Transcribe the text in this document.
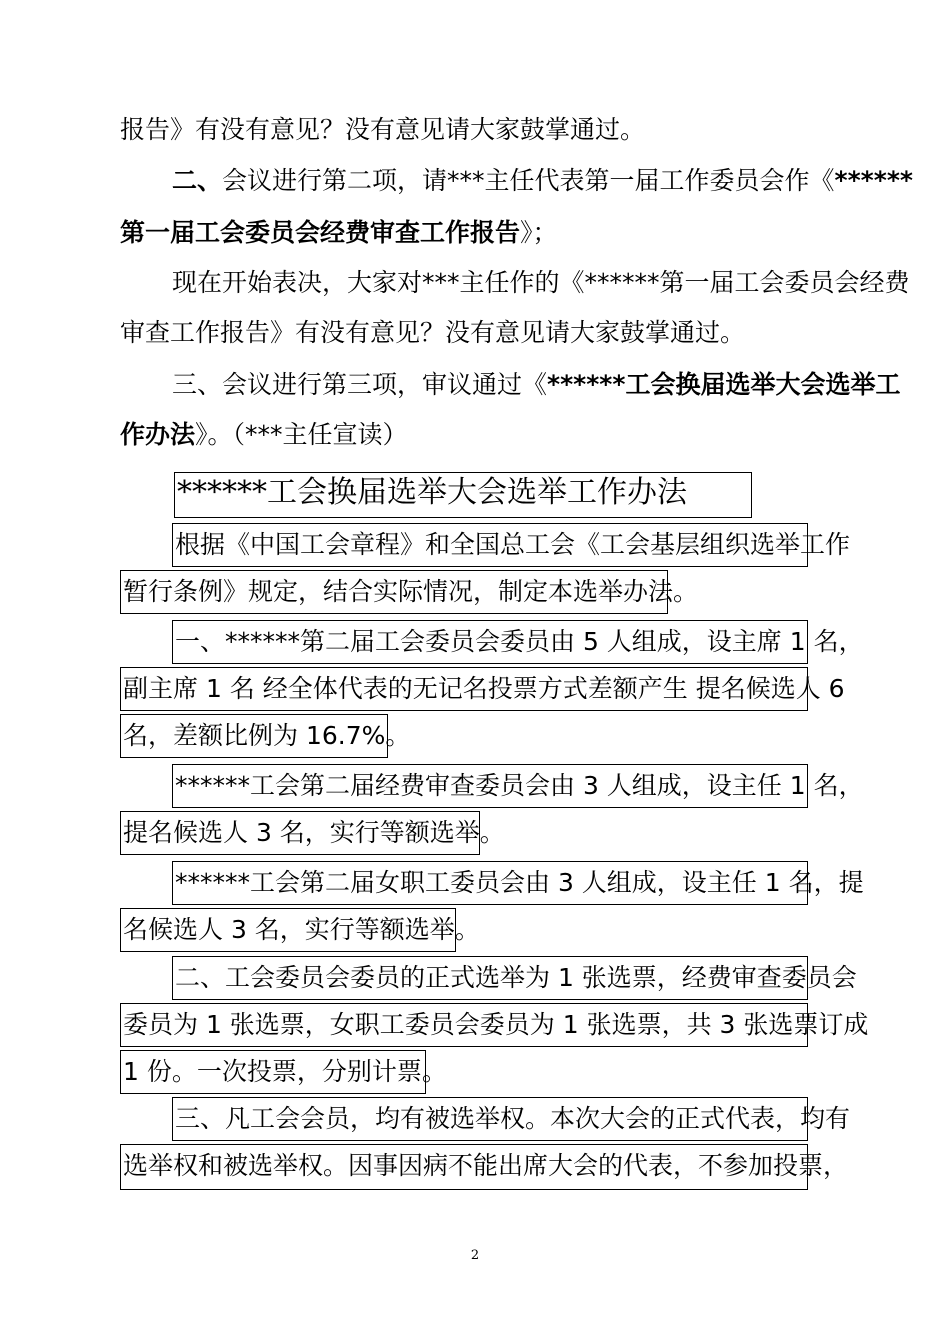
报告》有没有意见？没有意见请大家鼓掌通过。
二、会议进行第二项，请***主任代表第一届工作委员会作《******
第一届工会委员会经费审查工作报告》；
现在开始表决，大家对***主任作的《******第一届工会委员会经费
审查工作报告》有没有意见？没有意见请大家鼓掌通过。
三、会议进行第三项，审议通过《******工会换届选举大会选举工
作办法》。（***主任宣读）
******工会换届选举大会选举工作办法
根据《中国工会章程》和全国总工会《工会基层组织选举工作
暂行条例》规定，结合实际情况，制定本选举办法。
一、******第二届工会委员会委员由 5 人组成，设主席 1 名，
副主席 1 名 经全体代表的无记名投票方式差额产生 提名候选人 6
名，差额比例为 16.7%。
******工会第二届经费审查委员会由 3 人组成，设主任 1 名，
提名候选人 3 名，实行等额选举。
******工会第二届女职工委员会由 3 人组成，设主任 1 名，提
名候选人 3 名，实行等额选举。
二、工会委员会委员的正式选举为 1 张选票，经费审查委员会
委员为 1 张选票，女职工委员会委员为 1 张选票，共 3 张选票订成
1 份。一次投票，分别计票。
三、凡工会会员，均有被选举权。本次大会的正式代表，均有
选举权和被选举权。因事因病不能出席大会的代表，不参加投票，
2
